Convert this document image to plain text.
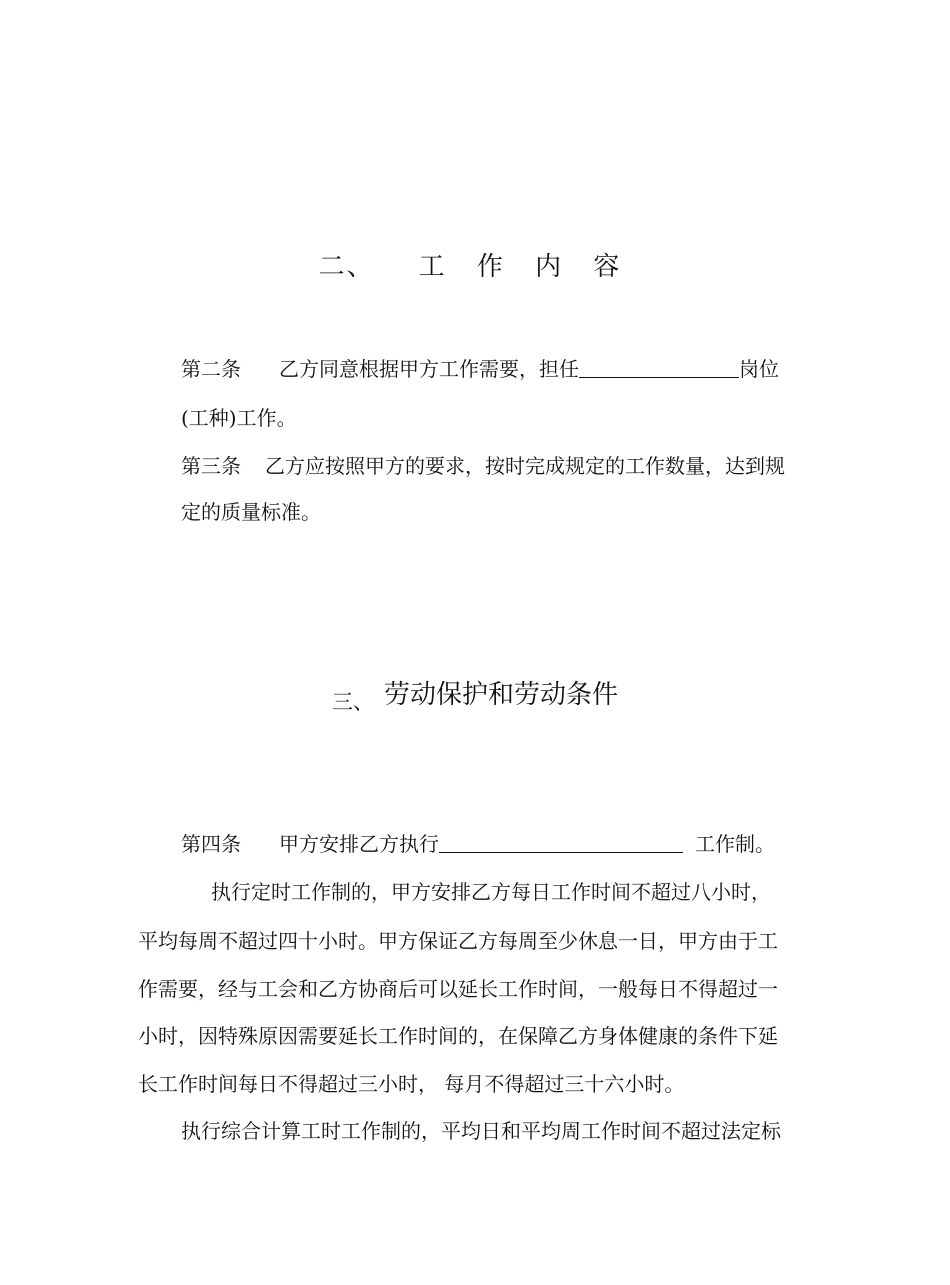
二、 工 作 内 容
第二条 乙方同意根据甲方工作需要，担任	岗位
(工种)工作。
第三条 乙方应按照甲方的要求，按时完成规定的工作数量，达到规
定的质量标准。
$_{三、}$ 劳动保护和劳动条件
第四条 甲方安排乙方执行	工作制。
执行定时工作制的，甲方安排乙方每日工作时间不超过八小时，
平均每周不超过四十小时。甲方保证乙方每周至少休息一日，甲方由于工
作需要，经与工会和乙方协商后可以延长工作时间，一般每日不得超过一
小时，因特殊原因需要延长工作时间的，在保障乙方身体健康的条件下延
长工作时间每日不得超过三小时， 每月不得超过三十六小时。
执行综合计算工时工作制的，平均日和平均周工作时间不超过法定标
